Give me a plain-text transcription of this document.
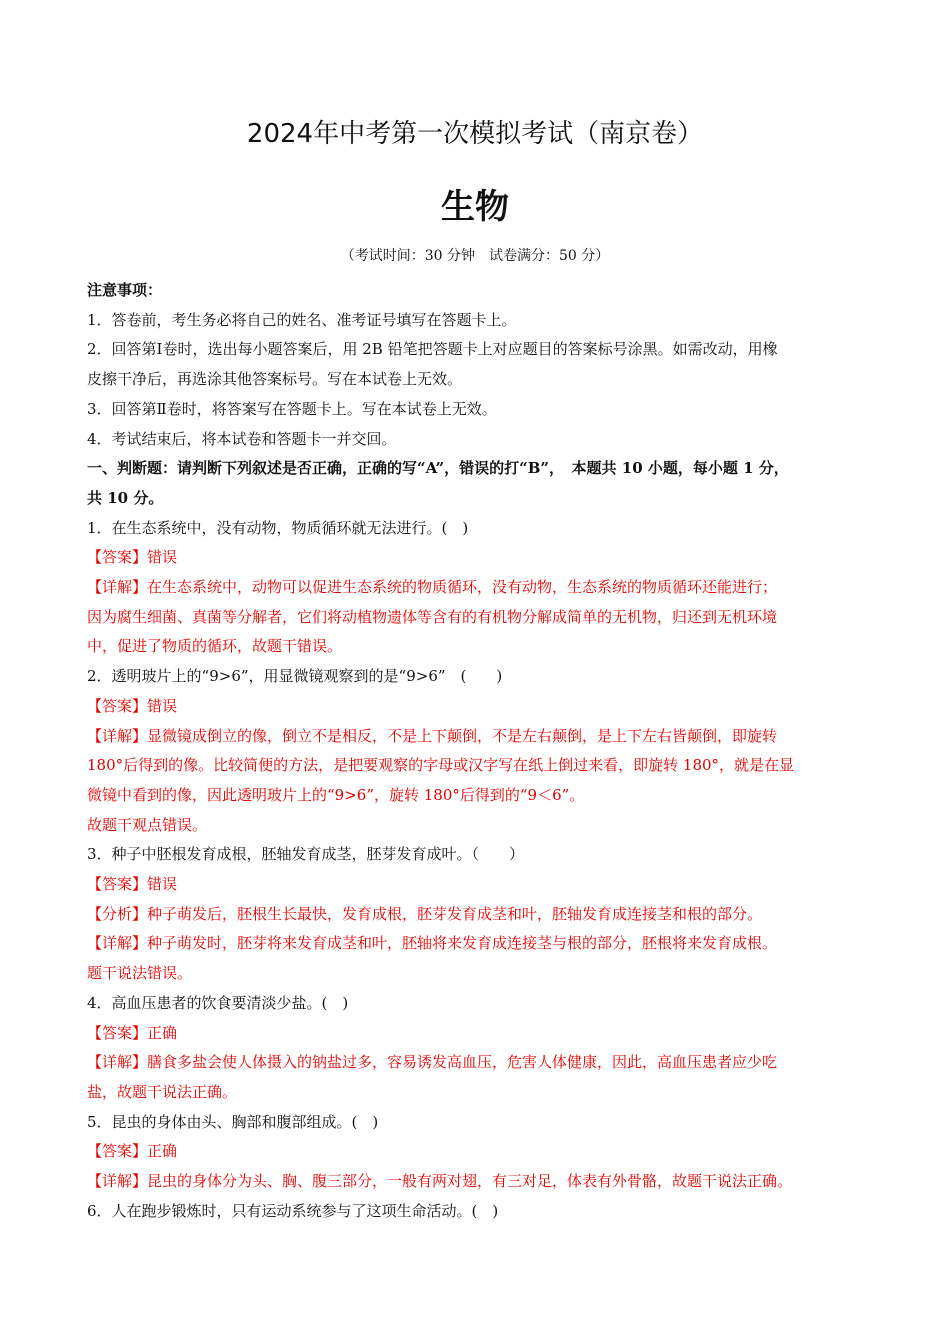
2024年中考第一次模拟考试（南京卷）
生物
（考试时间：30 分钟　试卷满分：50 分）
注意事项：
1．答卷前，考生务必将自己的姓名、准考证号填写在答题卡上。
2．回答第Ⅰ卷时，选出每小题答案后，用 2B 铅笔把答题卡上对应题目的答案标号涂黑。如需改动，用橡
皮擦干净后，再选涂其他答案标号。写在本试卷上无效。
3．回答第Ⅱ卷时，将答案写在答题卡上。写在本试卷上无效。
4．考试结束后，将本试卷和答题卡一并交回。
一、判断题：请判断下列叙述是否正确，正确的写“A”，错误的打“B”，　本题共 10 小题，每小题 1 分，
共 10 分。
1．在生态系统中，没有动物，物质循环就无法进行。(　)
【答案】错误
【详解】在生态系统中，动物可以促进生态系统的物质循环，没有动物，生态系统的物质循环还能进行；
因为腐生细菌、真菌等分解者，它们将动植物遗体等含有的有机物分解成简单的无机物，归还到无机环境
中，促进了物质的循环，故题干错误。
2．透明玻片上的“9>6”，用显微镜观察到的是“9>6”　(　　)
【答案】错误
【详解】显微镜成倒立的像，倒立不是相反，不是上下颠倒，不是左右颠倒，是上下左右皆颠倒，即旋转
180°后得到的像。比较简便的方法，是把要观察的字母或汉字写在纸上倒过来看，即旋转 180°，就是在显
微镜中看到的像，因此透明玻片上的“9>6”，旋转 180°后得到的“9＜6”。
故题干观点错误。
3．种子中胚根发育成根，胚轴发育成茎，胚芽发育成叶。（　　）
【答案】错误
【分析】种子萌发后，胚根生长最快，发育成根，胚芽发育成茎和叶，胚轴发育成连接茎和根的部分。
【详解】种子萌发时，胚芽将来发育成茎和叶，胚轴将来发育成连接茎与根的部分，胚根将来发育成根。
题干说法错误。
4．高血压患者的饮食要清淡少盐。(　)
【答案】正确
【详解】膳食多盐会使人体摄入的钠盐过多，容易诱发高血压，危害人体健康，因此，高血压患者应少吃
盐，故题干说法正确。
5．昆虫的身体由头、胸部和腹部组成。(　)
【答案】正确
【详解】昆虫的身体分为头、胸、腹三部分，一般有两对翅，有三对足，体表有外骨骼，故题干说法正确。
6．人在跑步锻炼时，只有运动系统参与了这项生命活动。(　)
